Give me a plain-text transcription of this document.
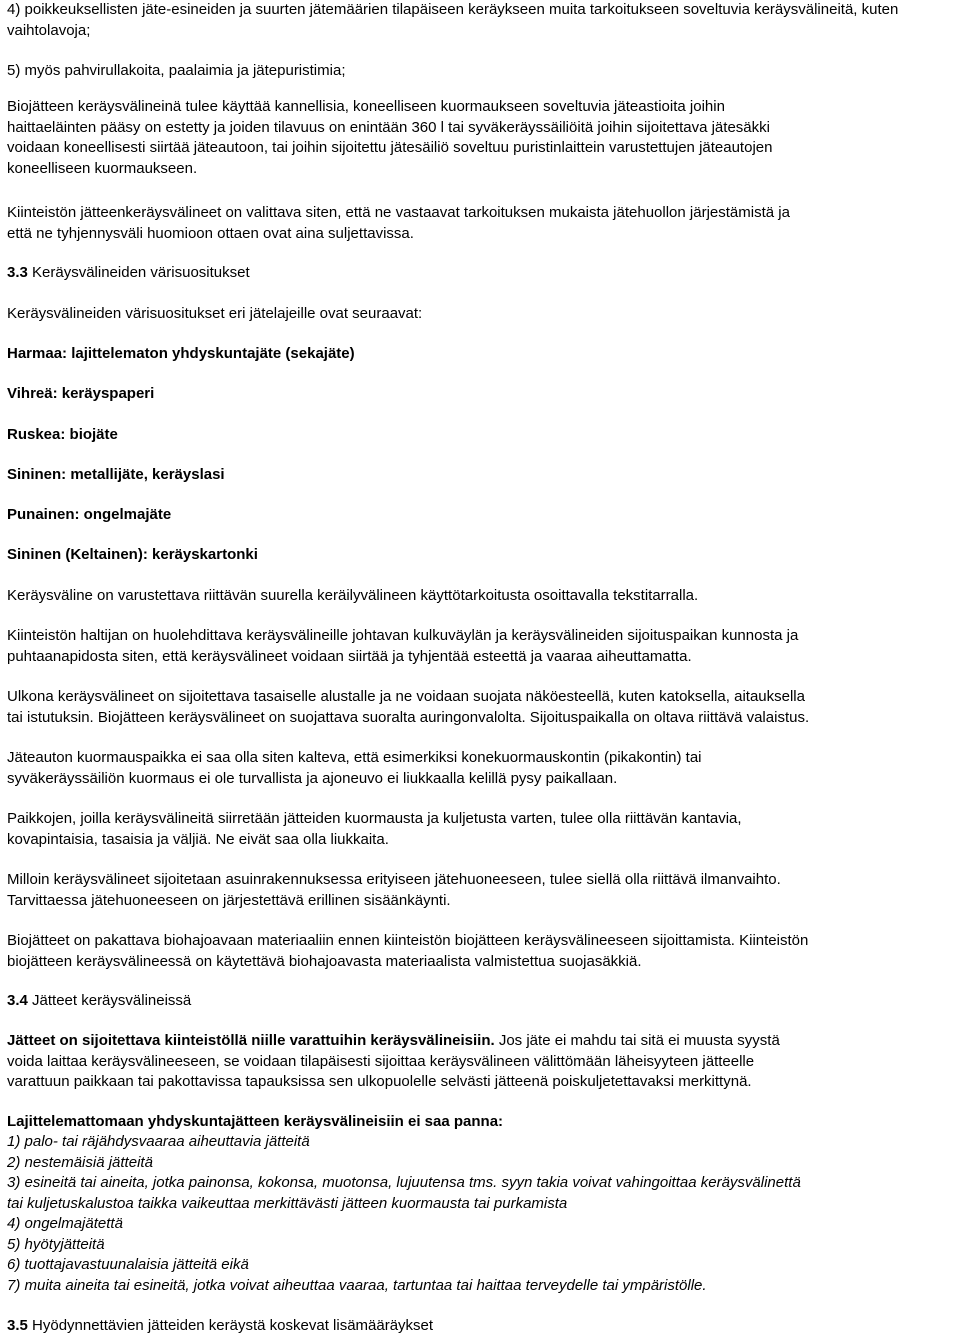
4) poikkeuksellisten jäte-esineiden ja suurten jätemäärien tilapäiseen keräykseen muita tarkoitukseen soveltuvia keräysvälineitä, kuten vaihtolavoja;

5) myös pahvirullakoita, paalaimia ja jätepuristimia;

Biojätteen keräysvälineinä tulee käyttää kannellisia, koneelliseen kuormaukseen soveltuvia jäteastioita joihin

haittaeläinten pääsy on estetty ja joiden tilavuus on enintään 360 l tai syväkeräyssäiliöitä joihin sijoitettava jätesäkki

voidaan koneellisesti siirtää jäteautoon, tai joihin sijoitettu jätesäiliö soveltuu puristinlaittein varustettujen jäteautojen

koneelliseen kuormaukseen.

Kiinteistön jätteenkeräysvälineet on valittava siten, että ne vastaavat tarkoituksen mukaista jätehuollon järjestämistä ja

että ne tyhjennysväli huomioon ottaen ovat aina suljettavissa.

3.3 Keräysvälineiden värisuositukset

Keräysvälineiden värisuositukset eri jätelajeille ovat seuraavat:

Harmaa: lajittelematon yhdyskuntajäte (sekajäte)

Vihreä: keräyspaperi

Ruskea: biojäte

Sininen: metallijäte, keräyslasi

Punainen: ongelmajäte

Sininen (Keltainen): keräyskartonki

Keräysväline on varustettava riittävän suurella keräilyvälineen käyttötarkoitusta osoittavalla tekstitarralla.

Kiinteistön haltijan on huolehdittava keräysvälineille johtavan kulkuväylän ja keräysvälineiden sijoituspaikan kunnosta ja

puhtaanapidosta siten, että keräysvälineet voidaan siirtää ja tyhjentää esteettä ja vaaraa aiheuttamatta.

Ulkona keräysvälineet on sijoitettava tasaiselle alustalle ja ne voidaan suojata näköesteellä, kuten katoksella, aitauksella

tai istutuksin. Biojätteen keräysvälineet on suojattava suoralta auringonvalolta. Sijoituspaikalla on oltava riittävä valaistus.

Jäteauton kuormauspaikka ei saa olla siten kalteva, että esimerkiksi konekuormauskontin (pikakontin) tai

syväkeräyssäiliön kuormaus ei ole turvallista ja ajoneuvo ei liukkaalla kelillä pysy paikallaan.

Paikkojen, joilla keräysvälineitä siirretään jätteiden kuormausta ja kuljetusta varten, tulee olla riittävän kantavia,

kovapintaisia, tasaisia ja väljiä. Ne eivät saa olla liukkaita.

Milloin keräysvälineet sijoitetaan asuinrakennuksessa erityiseen jätehuoneeseen, tulee siellä olla riittävä ilmanvaihto.

Tarvittaessa jätehuoneeseen on järjestettävä erillinen sisäänkäynti.

Biojätteet on pakattava biohajoavaan materiaaliin ennen kiinteistön biojätteen keräysvälineeseen sijoittamista. Kiinteistön

biojätteen keräysvälineessä on käytettävä biohajoavasta materiaalista valmistettua suojasäkkiä.

3.4 Jätteet keräysvälineissä

Jätteet on sijoitettava kiinteistöllä niille varattuihin keräysvälineisiin. Jos jäte ei mahdu tai sitä ei muusta syystä

voida laittaa keräysvälineeseen, se voidaan tilapäisesti sijoittaa keräysvälineen välittömään läheisyyteen jätteelle

varattuun paikkaan tai pakottavissa tapauksissa sen ulkopuolelle selvästi jätteenä poiskuljetettavaksi merkittynä.

Lajittelemattomaan yhdyskuntajätteen keräysvälineisiin ei saa panna:

1) palo- tai räjähdysvaaraa aiheuttavia jätteitä

2) nestemäisiä jätteitä

3) esineitä tai aineita, jotka painonsa, kokonsa, muotonsa, lujuutensa tms. syyn takia voivat vahingoittaa keräysvälinettä

tai kuljetuskalustoa taikka vaikeuttaa merkittävästi jätteen kuormausta tai purkamista

4) ongelmajätettä

5) hyötyjätteitä

6) tuottajavastuunalaisia jätteitä eikä

7) muita aineita tai esineitä, jotka voivat aiheuttaa vaaraa, tartuntaa tai haittaa terveydelle tai ympäristölle.

3.5 Hyödynnettävien jätteiden keräystä koskevat lisämääräykset
